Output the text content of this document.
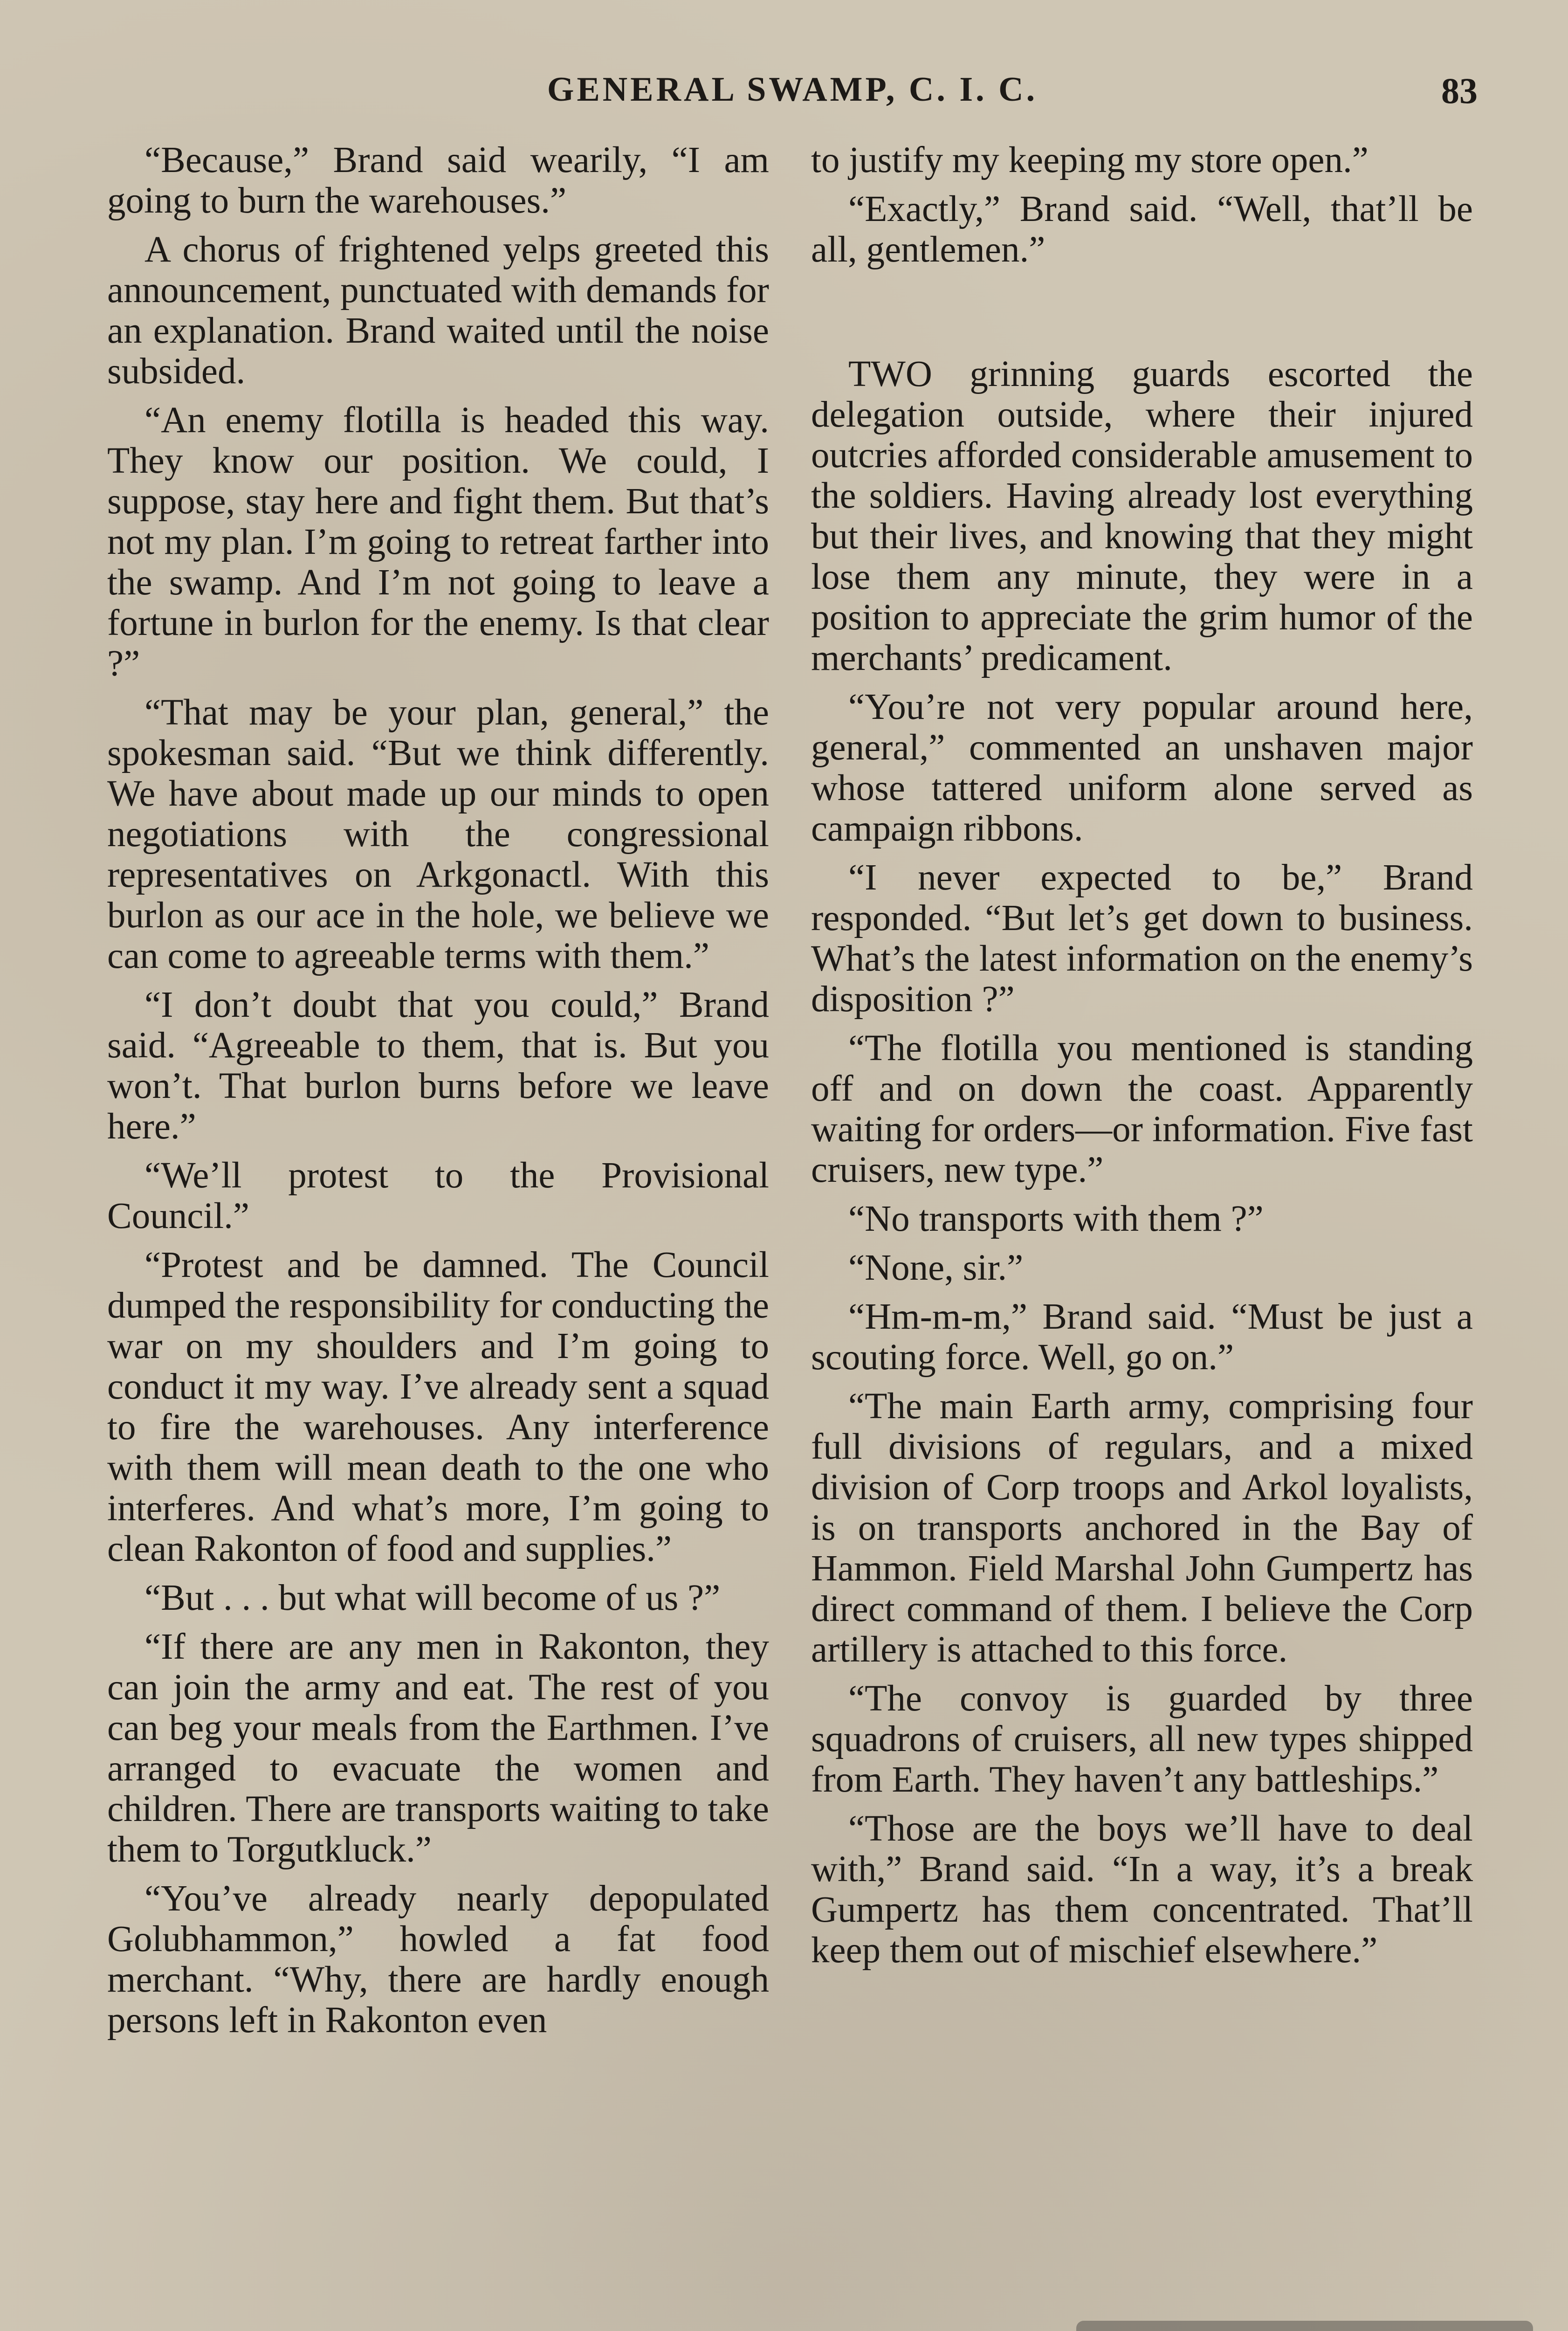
GENERAL SWAMP, C. I. C.	83

“Because,” Brand said wearily, “I am going to burn the warehouses.”

A chorus of frightened yelps greeted this announcement, punctuated with demands for an explanation. Brand waited until the noise subsided.

“An enemy flotilla is headed this way. They know our position. We could, I suppose, stay here and fight them. But that’s not my plan. I’m going to retreat farther into the swamp. And I’m not going to leave a fortune in burlon for the enemy. Is that clear ?”

“That may be your plan, general,” the spokesman said. “But we think differently. We have about made up our minds to open negotiations with the congressional representatives on Arkgonactl. With this burlon as our ace in the hole, we believe we can come to agreeable terms with them.”

“I don’t doubt that you could,” Brand said. “Agreeable to them, that is. But you won’t. That burlon burns before we leave here.”

“We’ll protest to the Provisional Council.”

“Protest and be damned. The Council dumped the responsibility for conducting the war on my shoulders and I’m going to conduct it my way. I’ve already sent a squad to fire the warehouses. Any interference with them will mean death to the one who interferes. And what’s more, I’m going to clean Rakonton of food and supplies.”

“But . . . but what will become of us ?”

“If there are any men in Rakonton, they can join the army and eat. The rest of you can beg your meals from the Earthmen. I’ve arranged to evacuate the women and children. There are transports waiting to take them to Torgutkluck.”

“You’ve already nearly depopulated Golubhammon,” howled a fat food merchant. “Why, there are hardly enough persons left in Rakonton even

to justify my keeping my store open.”

“Exactly,” Brand said. “Well, that’ll be all, gentlemen.”

TWO grinning guards escorted the delegation outside, where their injured outcries afforded considerable amusement to the soldiers. Having already lost everything but their lives, and knowing that they might lose them any minute, they were in a position to appreciate the grim humor of the merchants’ predicament.

“You’re not very popular around here, general,” commented an unshaven major whose tattered uniform alone served as campaign ribbons.

“I never expected to be,” Brand responded. “But let’s get down to business. What’s the latest information on the enemy’s disposition ?”

“The flotilla you mentioned is standing off and on down the coast. Apparently waiting for orders—or information. Five fast cruisers, new type.”

“No transports with them ?”

“None, sir.”

“Hm-m-m,” Brand said. “Must be just a scouting force. Well, go on.”

“The main Earth army, comprising four full divisions of regulars, and a mixed division of Corp troops and Arkol loyalists, is on transports anchored in the Bay of Hammon. Field Marshal John Gumpertz has direct command of them. I believe the Corp artillery is attached to this force.

“The convoy is guarded by three squadrons of cruisers, all new types shipped from Earth. They haven’t any battleships.”

“Those are the boys we’ll have to deal with,” Brand said. “In a way, it’s a break Gumpertz has them concentrated. That’ll keep them out of mischief elsewhere.”
